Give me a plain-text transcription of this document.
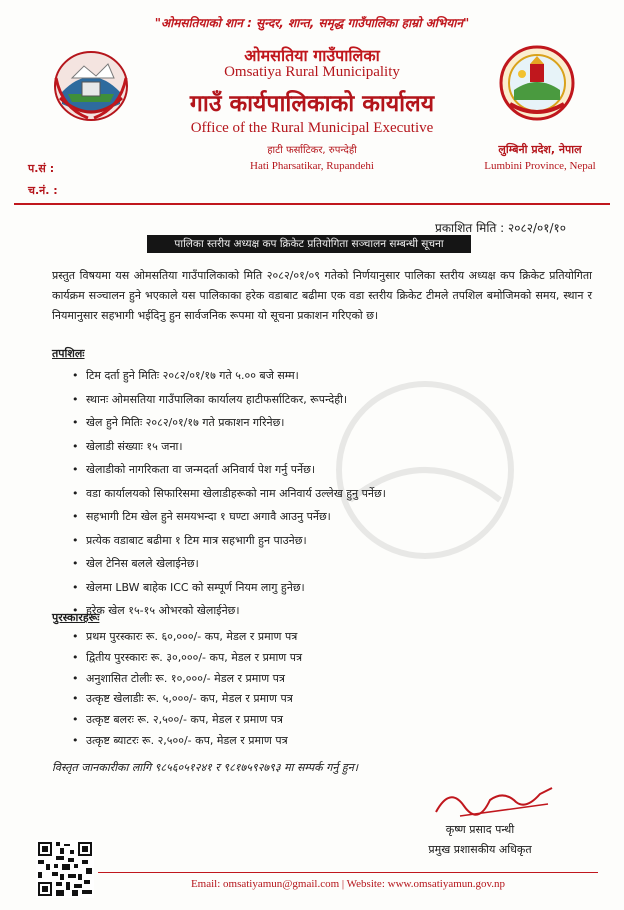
"ओमसतियाको शान : सुन्दर, शान्त, समृद्ध गाउँपालिका हाम्रो अभियान"
ओमसतिया गाउँपालिका
Omsatiya Rural Municipality
गाउँ कार्यपालिकाको कार्यालय
Office of the Rural Municipal Executive
हाटी फर्साटिकर, रुपन्देही
Hati Pharsatikar, Rupandehi
लुम्बिनी प्रदेश, नेपाल
Lumbini Province, Nepal
प.सं :
च.नं. :
प्रकाशित मिति : २०८२/०१/१०
पालिका स्तरीय अध्यक्ष कप क्रिकेट प्रतियोगिता सञ्चालन सम्बन्धी सूचना
प्रस्तुत विषयमा यस ओमसतिया गाउँपालिकाको मिति २०८२/०१/०९ गतेको निर्णयानुसार पालिका स्तरीय अध्यक्ष कप क्रिकेट प्रतियोगिता कार्यक्रम सञ्चालन हुने भएकाले यस पालिकाका हरेक वडाबाट बढीमा एक वडा स्तरीय क्रिकेट टीमले तपशिल बमोजिमको समय, स्थान र नियमानुसार सहभागी भईदिनु हुन सार्वजनिक रूपमा यो सूचना प्रकाशन गरिएको छ।
तपशिलः
• टिम दर्ता हुने मितिः २०८२/०१/१७ गते ५.०० बजे सम्म।
• स्थानः ओमसतिया गाउँपालिका कार्यालय हाटीफर्साटिकर, रूपन्देही।
• खेल हुने मितिः २०८२/०१/१७ गते प्रकाशन गरिनेछ।
• खेलाडी संख्याः १५ जना।
• खेलाडीको नागरिकता वा जन्मदर्ता अनिवार्य पेश गर्नु पर्नेछ।
• वडा कार्यालयको सिफारिसमा खेलाडीहरूको नाम अनिवार्य उल्लेख हुनु पर्नेछ।
• सहभागी टिम खेल हुने समयभन्दा १ घण्टा अगावै आउनु पर्नेछ।
• प्रत्येक वडाबाट बढीमा १ टिम मात्र सहभागी हुन पाउनेछ।
• खेल टेनिस बलले खेलाईनेछ।
• खेलमा LBW बाहेक ICC को सम्पूर्ण नियम लागु हुनेछ।
• हरेक खेल १५-१५ ओभरको खेलाईनेछ।
पुरस्कारहरूः
• प्रथम पुरस्कारः रू. ६०,०००/- कप, मेडल र प्रमाण पत्र
• द्वितीय पुरस्कारः रू. ३०,०००/- कप, मेडल र प्रमाण पत्र
• अनुशासित टोलीः रू. १०,०००/- मेडल र प्रमाण पत्र
• उत्कृष्ट खेलाडीः रू. ५,०००/- कप, मेडल र प्रमाण पत्र
• उत्कृष्ट बलरः रू. २,५००/- कप, मेडल र प्रमाण पत्र
• उत्कृष्ट ब्याटरः रू. २,५००/- कप, मेडल र प्रमाण पत्र
विस्तृत जानकारीका लागि ९८५६०५१२४१ र ९८१७५९२७९३ मा सम्पर्क गर्नु हुन।
कृष्ण प्रसाद पन्थी
प्रमुख प्रशासकीय अधिकृत
Email: omsatiyamun@gmail.com | Website: www.omsatiyamun.gov.np
